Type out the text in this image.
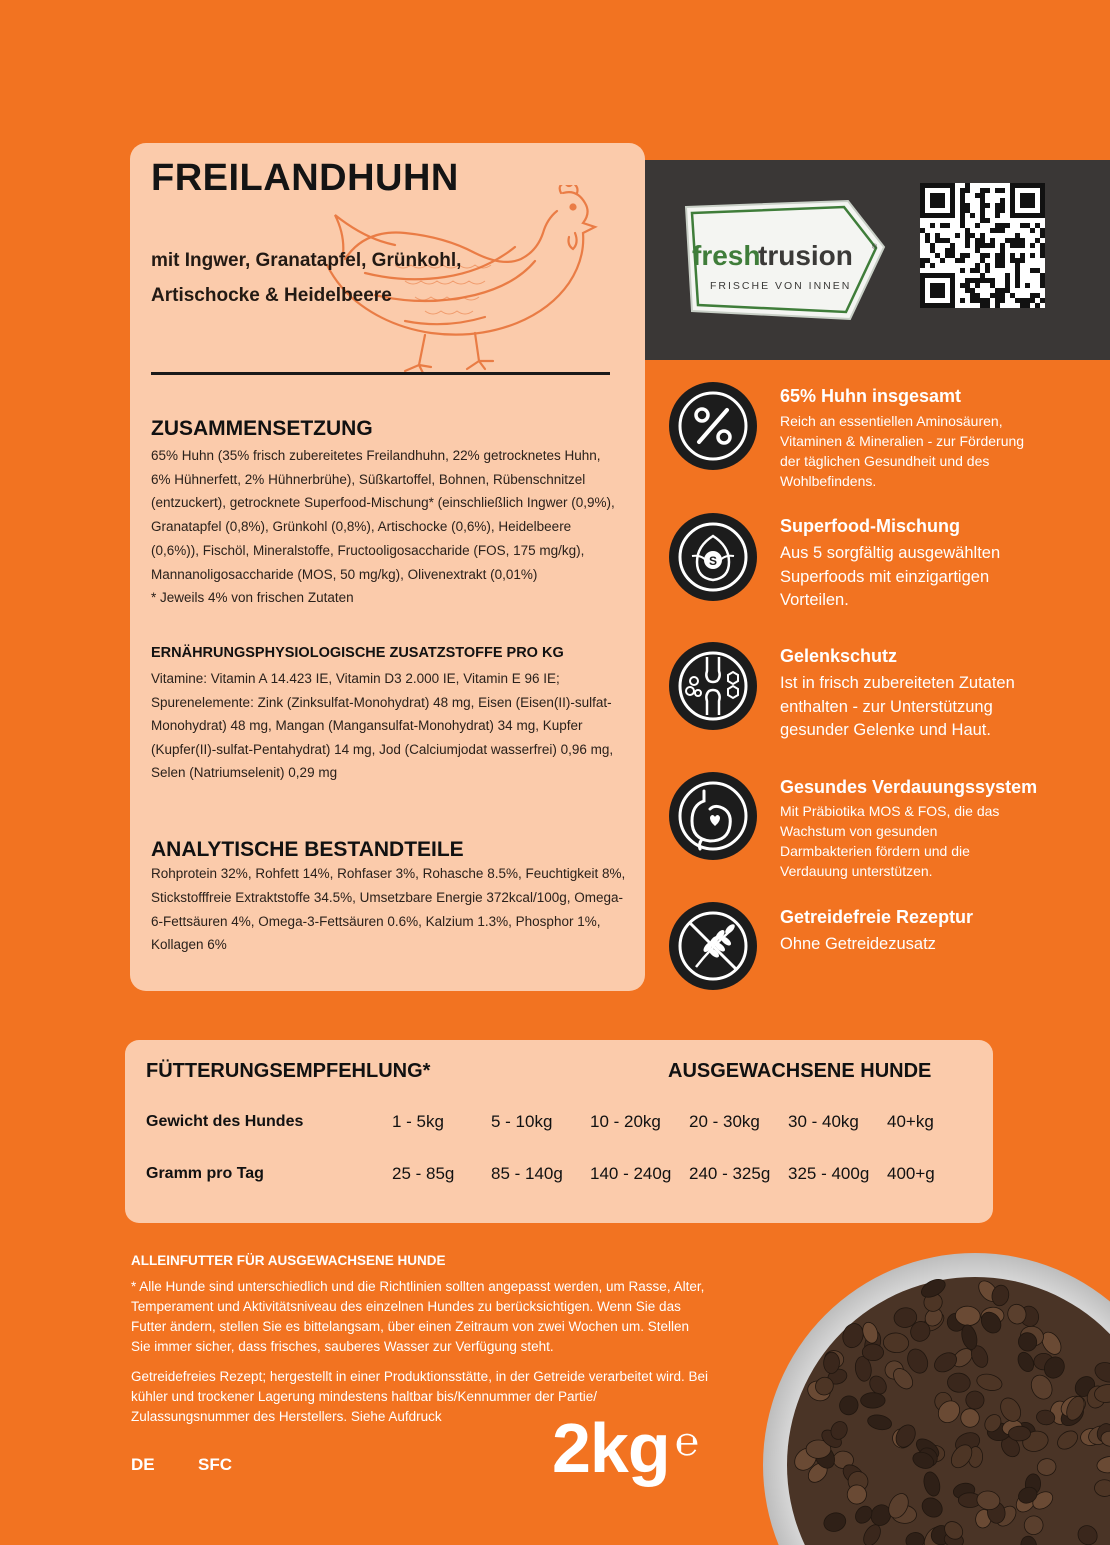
FREILANDHUHN
mit Ingwer, Granatapfel, Grünkohl, Artischocke & Heidelbeere
ZUSAMMENSETZUNG
65% Huhn (35% frisch zubereitetes Freilandhuhn, 22% getrocknetes Huhn, 6% Hühnerfett, 2% Hühnerbrühe), Süßkartoffel, Bohnen, Rübenschnitzel (entzuckert), getrocknete Superfood-Mischung* (einschließlich Ingwer (0,9%), Granatapfel (0,8%), Grünkohl (0,8%), Artischocke (0,6%), Heidelbeere (0,6%)), Fischöl, Mineralstoffe, Fructooligosaccharide (FOS, 175 mg/kg), Mannanoligosaccharide (MOS, 50 mg/kg), Olivenextrakt (0,01%)
* Jeweils 4% von frischen Zutaten
ERNÄHRUNGSPHYSIOLOGISCHE ZUSATZSTOFFE PRO KG
Vitamine: Vitamin A 14.423 IE, Vitamin D3 2.000 IE, Vitamin E 96 IE; Spurenelemente: Zink (Zinksulfat-Monohydrat) 48 mg, Eisen (Eisen(II)-sulfat-Monohydrat) 48 mg, Mangan (Mangansulfat-Monohydrat) 34 mg, Kupfer (Kupfer(II)-sulfat-Pentahydrat) 14 mg, Jod (Calciumjodat wasserfrei) 0,96 mg, Selen (Natriumselenit) 0,29 mg
ANALYTISCHE BESTANDTEILE
Rohprotein 32%, Rohfett 14%, Rohfaser 3%, Rohasche 8.5%, Feuchtigkeit 8%, Stickstofffreie Extraktstoffe 34.5%, Umsetzbare Energie 372kcal/100g, Omega-6-Fettsäuren 4%, Omega-3-Fettsäuren 0.6%, Kalzium 1.3%, Phosphor 1%, Kollagen 6%
fresh
trusion	®
FRISCHE VON INNEN
65% Huhn insgesamt
Reich an essentiellen Aminosäuren, Vitaminen & Mineralien - zur Förderung der täglichen Gesundheit und des Wohlbefindens.
S
Superfood-Mischung
Aus 5 sorgfältig ausgewählten Superfoods mit einzigartigen Vorteilen.
Gelenkschutz
Ist in frisch zubereiteten Zutaten enthalten - zur Unterstützung gesunder Gelenke und Haut.
Gesundes Verdauungssystem
Mit Präbiotika MOS & FOS, die das Wachstum von gesunden Darmbakterien fördern und die Verdauung unterstützen.
Getreidefreie Rezeptur
Ohne Getreidezusatz
FÜTTERUNGSEMPFEHLUNG*	AUSGEWACHSENE HUNDE
Gewicht des Hundes	1 - 5kg	5 - 10kg 10 - 20kg 20 - 30kg 30 - 40kg 40+kg
Gramm pro Tag	25 - 85g 85 - 140g 140 - 240g 240 - 325g 325 - 400g 400+g
ALLEINFUTTER FÜR AUSGEWACHSENE HUNDE
* Alle Hunde sind unterschiedlich und die Richtlinien sollten angepasst werden, um Rasse, Alter, Temperament und Aktivitätsniveau des einzelnen Hundes zu berücksichtigen. Wenn Sie das Futter ändern, stellen Sie es bittelangsam, über einen Zeitraum von zwei Wochen um. Stellen Sie immer sicher, dass frisches, sauberes Wasser zur Verfügung steht.
Getreidefreies Rezept; hergestellt in einer Produktionsstätte, in der Getreide verarbeitet wird. Bei kühler und trockener Lagerung mindestens haltbar bis/Kennummer der Partie/ Zulassungsnummer des Herstellers. Siehe Aufdruck
DE	SFC	2kg ℮
